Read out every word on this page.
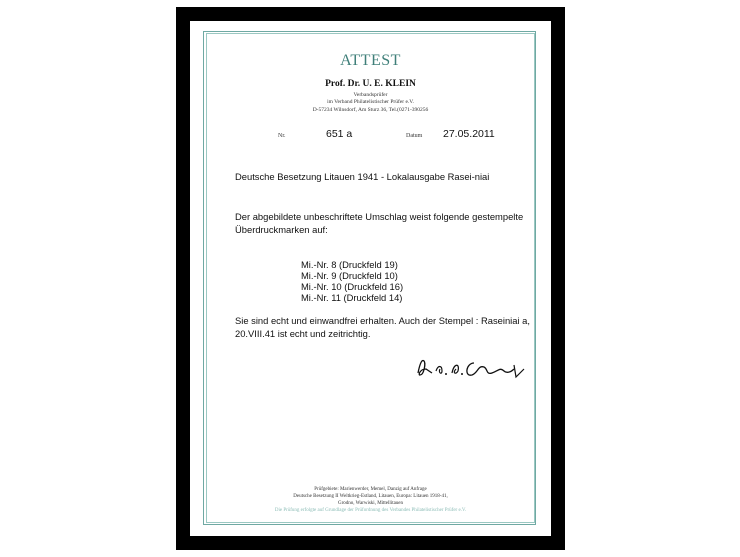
ATTEST
Prof. Dr. U. E. KLEIN
Verbandsprüfer
im Verband Philatelistischer Prüfer e.V.
D-57234 Wilnsdorf, Am Sturz 36, Tel.(0271-390256
Nr.	651 a	Datum 27.05.2011
Deutsche Besetzung Litauen 1941 - Lokalausgabe Rasei-niai
Der abgebildete unbeschriftete Umschlag weist folgende gestempelte Überdruckmarken auf:
Mi.-Nr. 8 (Druckfeld 19)
Mi.-Nr. 9 (Druckfeld 10)
Mi.-Nr. 10 (Druckfeld 16)
Mi.-Nr. 11 (Druckfeld 14)
Sie sind echt und einwandfrei erhalten. Auch der Stempel : Raseiniai a, 20.VIII.41 ist echt und zeitrichtig.
Prüfgebiete: Marienwerder, Memel, Danzig auf Anfrage
Deutsche Besetzung II Weltkrieg-Estland, Litauen, Europa: Litauen 1918-41,
Grodno, Warwiski, Mittellitauen
Die Prüfung erfolgte auf Grundlage der Prüfordnung des Verbandes Philatelistischer Prüfer e.V.
